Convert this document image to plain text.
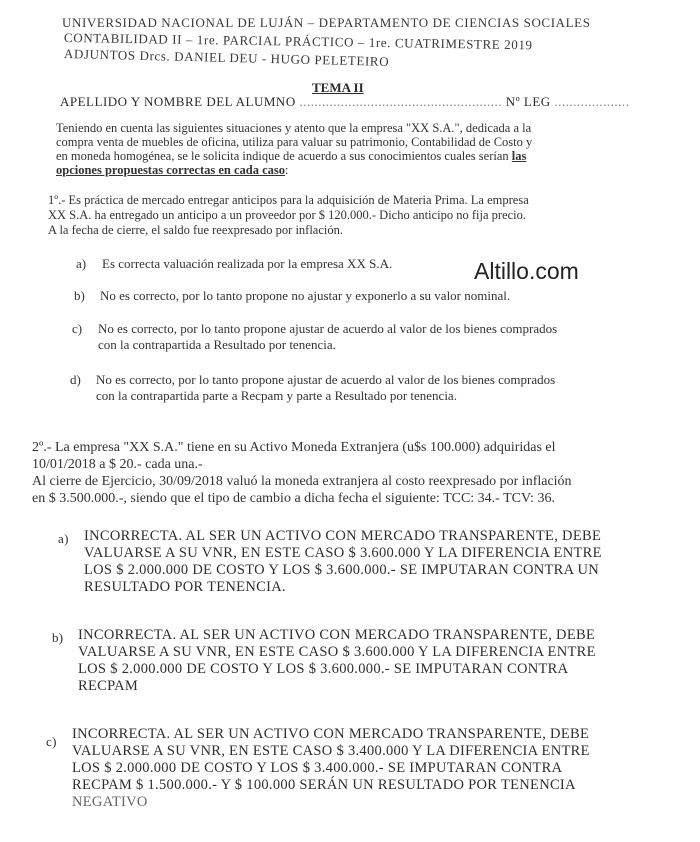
UNIVERSIDAD NACIONAL DE LUJÁN – DEPARTAMENTO DE CIENCIAS SOCIALES
CONTABILIDAD II – 1re. PARCIAL PRÁCTICO – 1re. CUATRIMESTRE 2019
ADJUNTOS Drcs. DANIEL DEU - HUGO PELETEIRO
TEMA II
APELLIDO Y NOMBRE DEL ALUMNO ...................................................... Nº LEG ....................
Teniendo en cuenta las siguientes situaciones y atento que la empresa "XX S.A.", dedicada a la
compra venta de muebles de oficina, utiliza para valuar su patrimonio, Contabilidad de Costo y
en moneda homogénea, se le solicita indique de acuerdo a sus conocimientos cuales serían las
opciones propuestas correctas en cada caso:
1º.- Es práctica de mercado entregar anticipos para la adquisición de Materia Prima. La empresa
XX S.A. ha entregado un anticipo a un proveedor por $ 120.000.- Dicho anticipo no fija precio.
A la fecha de cierre, el saldo fue reexpresado por inflación.
a) Es correcta valuación realizada por la empresa XX S.A.
b) No es correcto, por lo tanto propone no ajustar y exponerlo a su valor nominal.
c) No es correcto, por lo tanto propone ajustar de acuerdo al valor de los bienes comprados
con la contrapartida a Resultado por tenencia.
d) No es correcto, por lo tanto propone ajustar de acuerdo al valor de los bienes comprados
con la contrapartida parte a Recpam y parte a Resultado por tenencia.
Altillo.com
2º.- La empresa "XX S.A." tiene en su Activo Moneda Extranjera (u$s 100.000) adquiridas el
10/01/2018 a $ 20.- cada una.-
Al cierre de Ejercicio, 30/09/2018 valuó la moneda extranjera al costo reexpresado por inflación
en $ 3.500.000.-, siendo que el tipo de cambio a dicha fecha el siguiente: TCC: 34.- TCV: 36.
a) INCORRECTA. AL SER UN ACTIVO CON MERCADO TRANSPARENTE, DEBE
VALUARSE A SU VNR, EN ESTE CASO $ 3.600.000 Y LA DIFERENCIA ENTRE
LOS $ 2.000.000 DE COSTO Y LOS $ 3.600.000.- SE IMPUTARAN CONTRA UN
RESULTADO POR TENENCIA.
b) INCORRECTA. AL SER UN ACTIVO CON MERCADO TRANSPARENTE, DEBE
VALUARSE A SU VNR, EN ESTE CASO $ 3.600.000 Y LA DIFERENCIA ENTRE
LOS $ 2.000.000 DE COSTO Y LOS $ 3.600.000.- SE IMPUTARAN CONTRA
RECPAM
c) INCORRECTA. AL SER UN ACTIVO CON MERCADO TRANSPARENTE, DEBE
VALUARSE A SU VNR, EN ESTE CASO $ 3.400.000 Y LA DIFERENCIA ENTRE
LOS $ 2.000.000 DE COSTO Y LOS $ 3.400.000.- SE IMPUTARAN CONTRA
RECPAM $ 1.500.000.- Y $ 100.000 SERÁN UN RESULTADO POR TENENCIA
NEGATIVO
